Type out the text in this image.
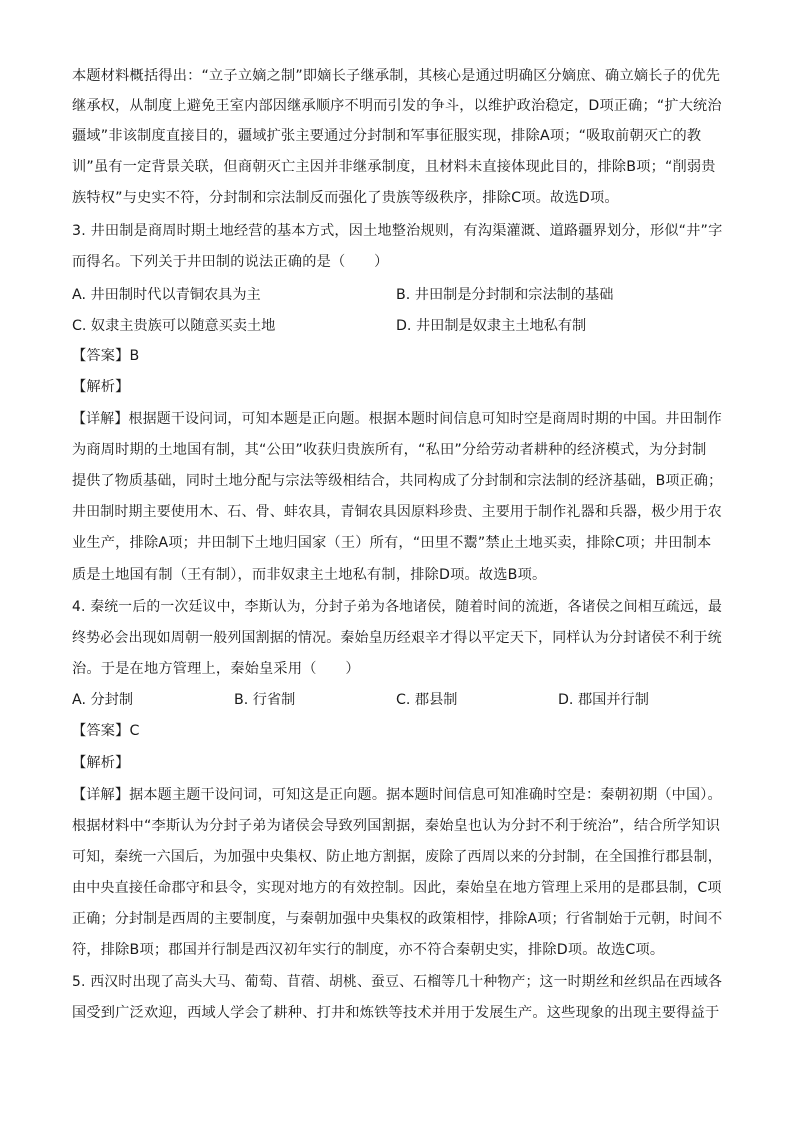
本题材料概括得出：“立子立嫡之制”即嫡长子继承制，其核心是通过明确区分嫡庶、确立嫡长子的优先
继承权，从制度上避免王室内部因继承顺序不明而引发的争斗，以维护政治稳定，D项正确；“扩大统治
疆域”非该制度直接目的，疆域扩张主要通过分封制和军事征服实现，排除A项；“吸取前朝灭亡的教
训”虽有一定背景关联，但商朝灭亡主因并非继承制度，且材料未直接体现此目的，排除B项；“削弱贵
族特权”与史实不符，分封制和宗法制反而强化了贵族等级秩序，排除C项。故选D项。
3. 井田制是商周时期土地经营的基本方式，因土地整治规则，有沟渠灌溉、道路疆界划分，形似“井”字
而得名。下列关于井田制的说法正确的是（　　）
A. 井田制时代以青铜农具为主	B. 井田制是分封制和宗法制的基础
C. 奴隶主贵族可以随意买卖土地	D. 井田制是奴隶主土地私有制
【答案】B
【解析】
【详解】根据题干设问词，可知本题是正向题。根据本题时间信息可知时空是商周时期的中国。井田制作
为商周时期的土地国有制，其“公田”收获归贵族所有，“私田”分给劳动者耕种的经济模式，为分封制
提供了物质基础，同时土地分配与宗法等级相结合，共同构成了分封制和宗法制的经济基础，B项正确；
井田制时期主要使用木、石、骨、蚌农具，青铜农具因原料珍贵、主要用于制作礼器和兵器，极少用于农
业生产，排除A项；井田制下土地归国家（王）所有，“田里不鬻”禁止土地买卖，排除C项；井田制本
质是土地国有制（王有制），而非奴隶主土地私有制，排除D项。故选B项。
4. 秦统一后的一次廷议中，李斯认为，分封子弟为各地诸侯，随着时间的流逝，各诸侯之间相互疏远，最
终势必会出现如周朝一般列国割据的情况。秦始皇历经艰辛才得以平定天下，同样认为分封诸侯不利于统
治。于是在地方管理上，秦始皇采用（　　）
A. 分封制	B. 行省制	C. 郡县制	D. 郡国并行制
【答案】C
【解析】
【详解】据本题主题干设问词，可知这是正向题。据本题时间信息可知准确时空是：秦朝初期（中国）。
根据材料中“李斯认为分封子弟为诸侯会导致列国割据，秦始皇也认为分封不利于统治”，结合所学知识
可知，秦统一六国后，为加强中央集权、防止地方割据，废除了西周以来的分封制，在全国推行郡县制，
由中央直接任命郡守和县令，实现对地方的有效控制。因此，秦始皇在地方管理上采用的是郡县制，C项
正确；分封制是西周的主要制度，与秦朝加强中央集权的政策相悖，排除A项；行省制始于元朝，时间不
符，排除B项；郡国并行制是西汉初年实行的制度，亦不符合秦朝史实，排除D项。故选C项。
5. 西汉时出现了高头大马、葡萄、苜蓿、胡桃、蚕豆、石榴等几十种物产；这一时期丝和丝织品在西域各
国受到广泛欢迎，西域人学会了耕种、打井和炼铁等技术并用于发展生产。这些现象的出现主要得益于
